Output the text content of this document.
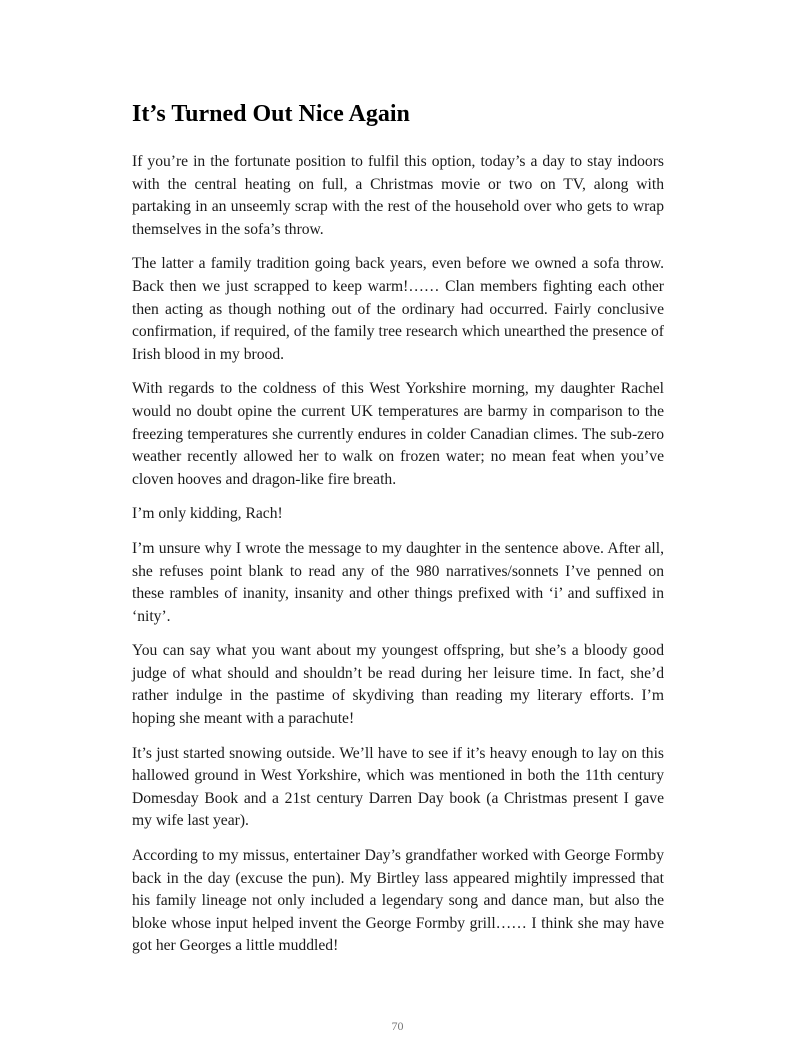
It’s Turned Out Nice Again

If you’re in the fortunate position to fulfil this option, today’s a day to stay indoors with the central heating on full, a Christmas movie or two on TV, along with partaking in an unseemly scrap with the rest of the household over who gets to wrap themselves in the sofa’s throw.

The latter a family tradition going back years, even before we owned a sofa throw. Back then we just scrapped to keep warm!…… Clan members fighting each other then acting as though nothing out of the ordinary had occurred. Fairly conclusive confirmation, if required, of the family tree research which unearthed the presence of Irish blood in my brood.

With regards to the coldness of this West Yorkshire morning, my daughter Rachel would no doubt opine the current UK temperatures are barmy in comparison to the freezing temperatures she currently endures in colder Canadian climes. The sub-zero weather recently allowed her to walk on frozen water; no mean feat when you’ve cloven hooves and dragon-like fire breath.

I’m only kidding, Rach!

I’m unsure why I wrote the message to my daughter in the sentence above. After all, she refuses point blank to read any of the 980 narratives/sonnets I’ve penned on these rambles of inanity, insanity and other things prefixed with ‘i’ and suffixed in ‘nity’.

You can say what you want about my youngest offspring, but she’s a bloody good judge of what should and shouldn’t be read during her leisure time. In fact, she’d rather indulge in the pastime of skydiving than reading my literary efforts. I’m hoping she meant with a parachute!

It’s just started snowing outside. We’ll have to see if it’s heavy enough to lay on this hallowed ground in West Yorkshire, which was mentioned in both the 11th century Domesday Book and a 21st century Darren Day book (a Christmas present I gave my wife last year).

According to my missus, entertainer Day’s grandfather worked with George Formby back in the day (excuse the pun). My Birtley lass appeared mightily impressed that his family lineage not only included a legendary song and dance man, but also the bloke whose input helped invent the George Formby grill…… I think she may have got her Georges a little muddled!

70
